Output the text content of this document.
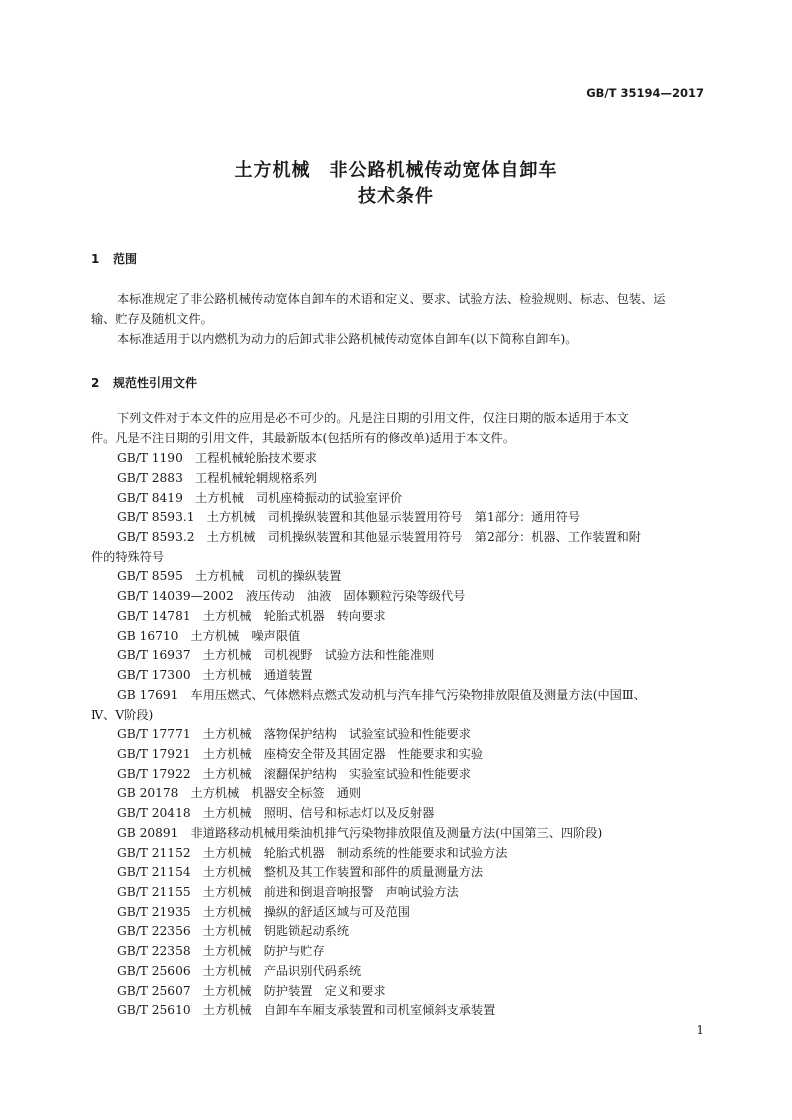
GB/T 35194—2017
土方机械　非公路机械传动宽体自卸车
技术条件
1 范围
本标准规定了非公路机械传动宽体自卸车的术语和定义、要求、试验方法、检验规则、标志、包装、运
输、贮存及随机文件。
本标准适用于以内燃机为动力的后卸式非公路机械传动宽体自卸车(以下简称自卸车)。
2 规范性引用文件
下列文件对于本文件的应用是必不可少的。凡是注日期的引用文件，仅注日期的版本适用于本文
件。凡是不注日期的引用文件，其最新版本(包括所有的修改单)适用于本文件。
GB/T 1190　工程机械轮胎技术要求
GB/T 2883　工程机械轮辋规格系列
GB/T 8419　土方机械　司机座椅振动的试验室评价
GB/T 8593.1　土方机械　司机操纵装置和其他显示装置用符号　第1部分：通用符号
GB/T 8593.2　土方机械　司机操纵装置和其他显示装置用符号　第2部分：机器、工作装置和附
件的特殊符号
GB/T 8595　土方机械　司机的操纵装置
GB/T 14039—2002　液压传动　油液　固体颗粒污染等级代号
GB/T 14781　土方机械　轮胎式机器　转向要求
GB 16710　土方机械　噪声限值
GB/T 16937　土方机械　司机视野　试验方法和性能准则
GB/T 17300　土方机械　通道装置
GB 17691　车用压燃式、气体燃料点燃式发动机与汽车排气污染物排放限值及测量方法(中国Ⅲ、
Ⅳ、Ⅴ阶段)
GB/T 17771　土方机械　落物保护结构　试验室试验和性能要求
GB/T 17921　土方机械　座椅安全带及其固定器　性能要求和实验
GB/T 17922　土方机械　滚翻保护结构　实验室试验和性能要求
GB 20178　土方机械　机器安全标签　通则
GB/T 20418　土方机械　照明、信号和标志灯以及反射器
GB 20891　非道路移动机械用柴油机排气污染物排放限值及测量方法(中国第三、四阶段)
GB/T 21152　土方机械　轮胎式机器　制动系统的性能要求和试验方法
GB/T 21154　土方机械　整机及其工作装置和部件的质量测量方法
GB/T 21155　土方机械　前进和倒退音响报警　声响试验方法
GB/T 21935　土方机械　操纵的舒适区域与可及范围
GB/T 22356　土方机械　钥匙锁起动系统
GB/T 22358　土方机械　防护与贮存
GB/T 25606　土方机械　产品识别代码系统
GB/T 25607　土方机械　防护装置　定义和要求
GB/T 25610　土方机械　自卸车车厢支承装置和司机室倾斜支承装置
1
